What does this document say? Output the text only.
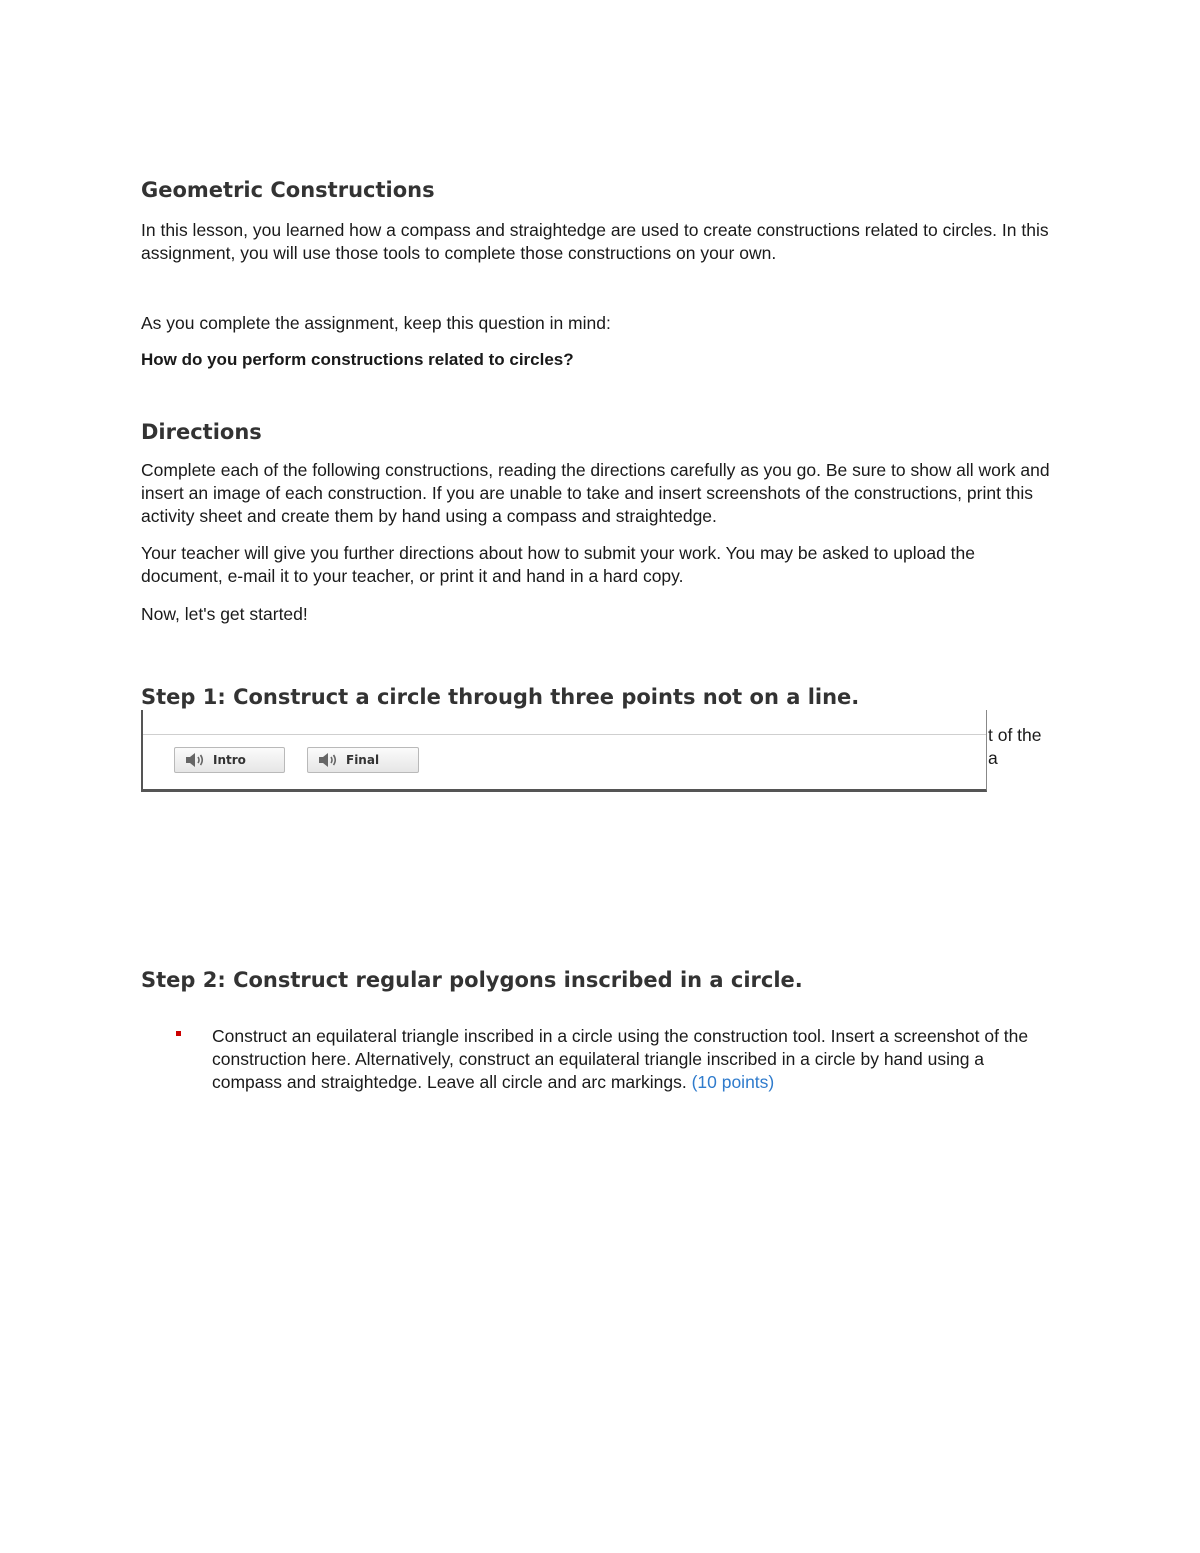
Geometric Constructions
In this lesson, you learned how a compass and straightedge are used to create constructions related to circles. In this assignment, you will use those tools to complete those constructions on your own.
As you complete the assignment, keep this question in mind:
How do you perform constructions related to circles?
Directions
Complete each of the following constructions, reading the directions carefully as you go. Be sure to show all work and insert an image of each construction. If you are unable to take and insert screenshots of the constructions, print this activity sheet and create them by hand using a compass and straightedge.
Your teacher will give you further directions about how to submit your work. You may be asked to upload the document, e-mail it to your teacher, or print it and hand in a hard copy.
Now, let's get started!
Step 1: Construct a circle through three points not on a line.
t of the
a
Intro	Final
Step 2: Construct regular polygons inscribed in a circle.
Construct an equilateral triangle inscribed in a circle using the construction tool. Insert a screenshot of the construction here. Alternatively, construct an equilateral triangle inscribed in a circle by hand using a compass and straightedge. Leave all circle and arc markings. (10 points)
